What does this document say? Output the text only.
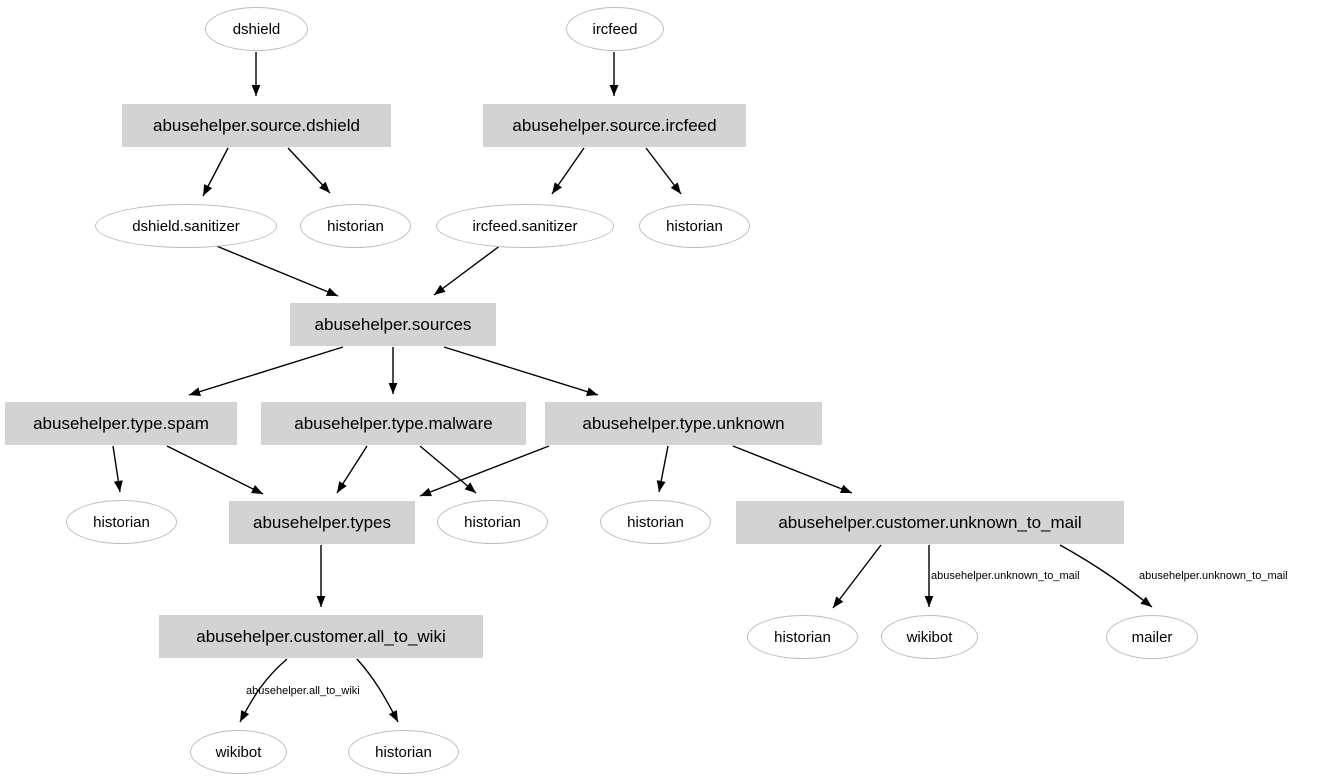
dshield	ircfeed
abusehelper.source.dshield	abusehelper.source.ircfeed
dshield.sanitizer	historian	ircfeed.sanitizer	historian
abusehelper.sources
abusehelper.type.spam	abusehelper.type.malware	abusehelper.type.unknown
historian	abusehelper.types	historian	historian	abusehelper.customer.unknown_to_mail
abusehelper.customer.all_to_wiki	historian	wikibot	mailer
wikibot	historian
abusehelper.unknown_to_mail	abusehelper.unknown_to_mail
abusehelper.all_to_wiki
